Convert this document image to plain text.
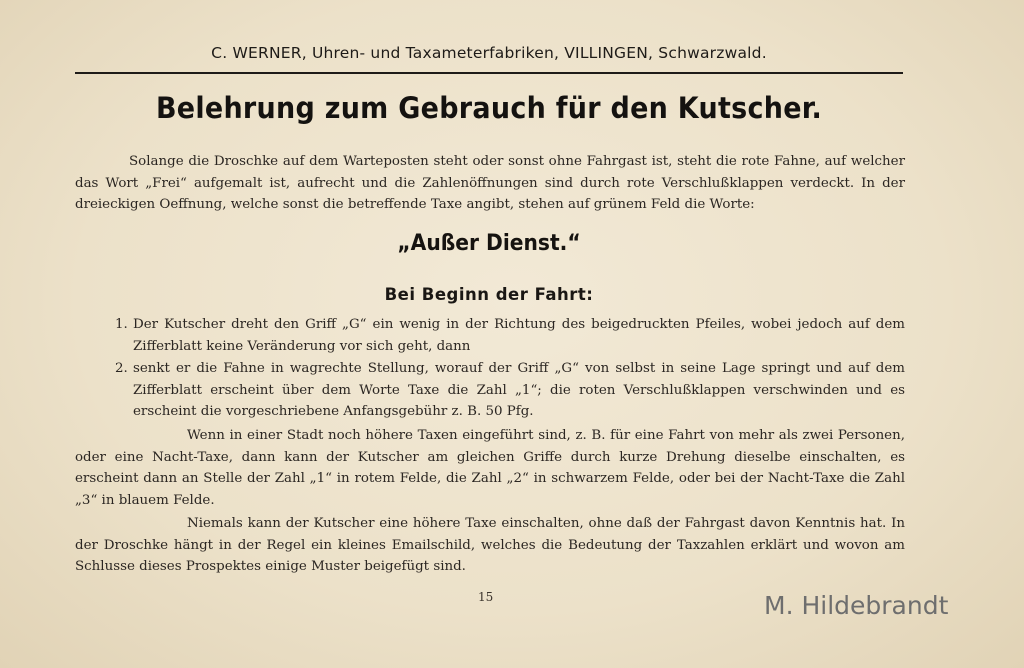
C. WERNER, Uhren- und Taxameterfabriken, VILLINGEN, Schwarzwald.
Belehrung zum Gebrauch für den Kutscher.
Solange die Droschke auf dem Warteposten steht oder sonst ohne Fahrgast ist, steht die rote Fahne, auf welcher das Wort „Frei“ aufgemalt ist, aufrecht und die Zahlenöffnungen sind durch rote Verschlußklappen verdeckt. In der dreieckigen Oeffnung, welche sonst die betreffende Taxe angibt, stehen auf grünem Feld die Worte:
„Außer Dienst.“
Bei Beginn der Fahrt:
1. Der Kutscher dreht den Griff „G“ ein wenig in der Richtung des beigedruckten Pfeiles, wobei jedoch auf dem Zifferblatt keine Veränderung vor sich geht, dann
2. senkt er die Fahne in wagrechte Stellung, worauf der Griff „G“ von selbst in seine Lage springt und auf dem Zifferblatt erscheint über dem Worte Taxe die Zahl „1“; die roten Verschlußklappen verschwinden und es erscheint die vorgeschriebene Anfangsgebühr z. B. 50 Pfg.
Wenn in einer Stadt noch höhere Taxen eingeführt sind, z. B. für eine Fahrt von mehr als zwei Personen, oder eine Nacht-Taxe, dann kann der Kutscher am gleichen Griffe durch kurze Drehung dieselbe einschalten, es erscheint dann an Stelle der Zahl „1“ in rotem Felde, die Zahl „2“ in schwarzem Felde, oder bei der Nacht-Taxe die Zahl „3“ in blauem Felde.
Niemals kann der Kutscher eine höhere Taxe einschalten, ohne daß der Fahrgast davon Kenntnis hat. In der Droschke hängt in der Regel ein kleines Emailschild, welches die Bedeutung der Taxzahlen erklärt und wovon am Schlusse dieses Prospektes einige Muster beigefügt sind.
15	M. Hildebrandt
